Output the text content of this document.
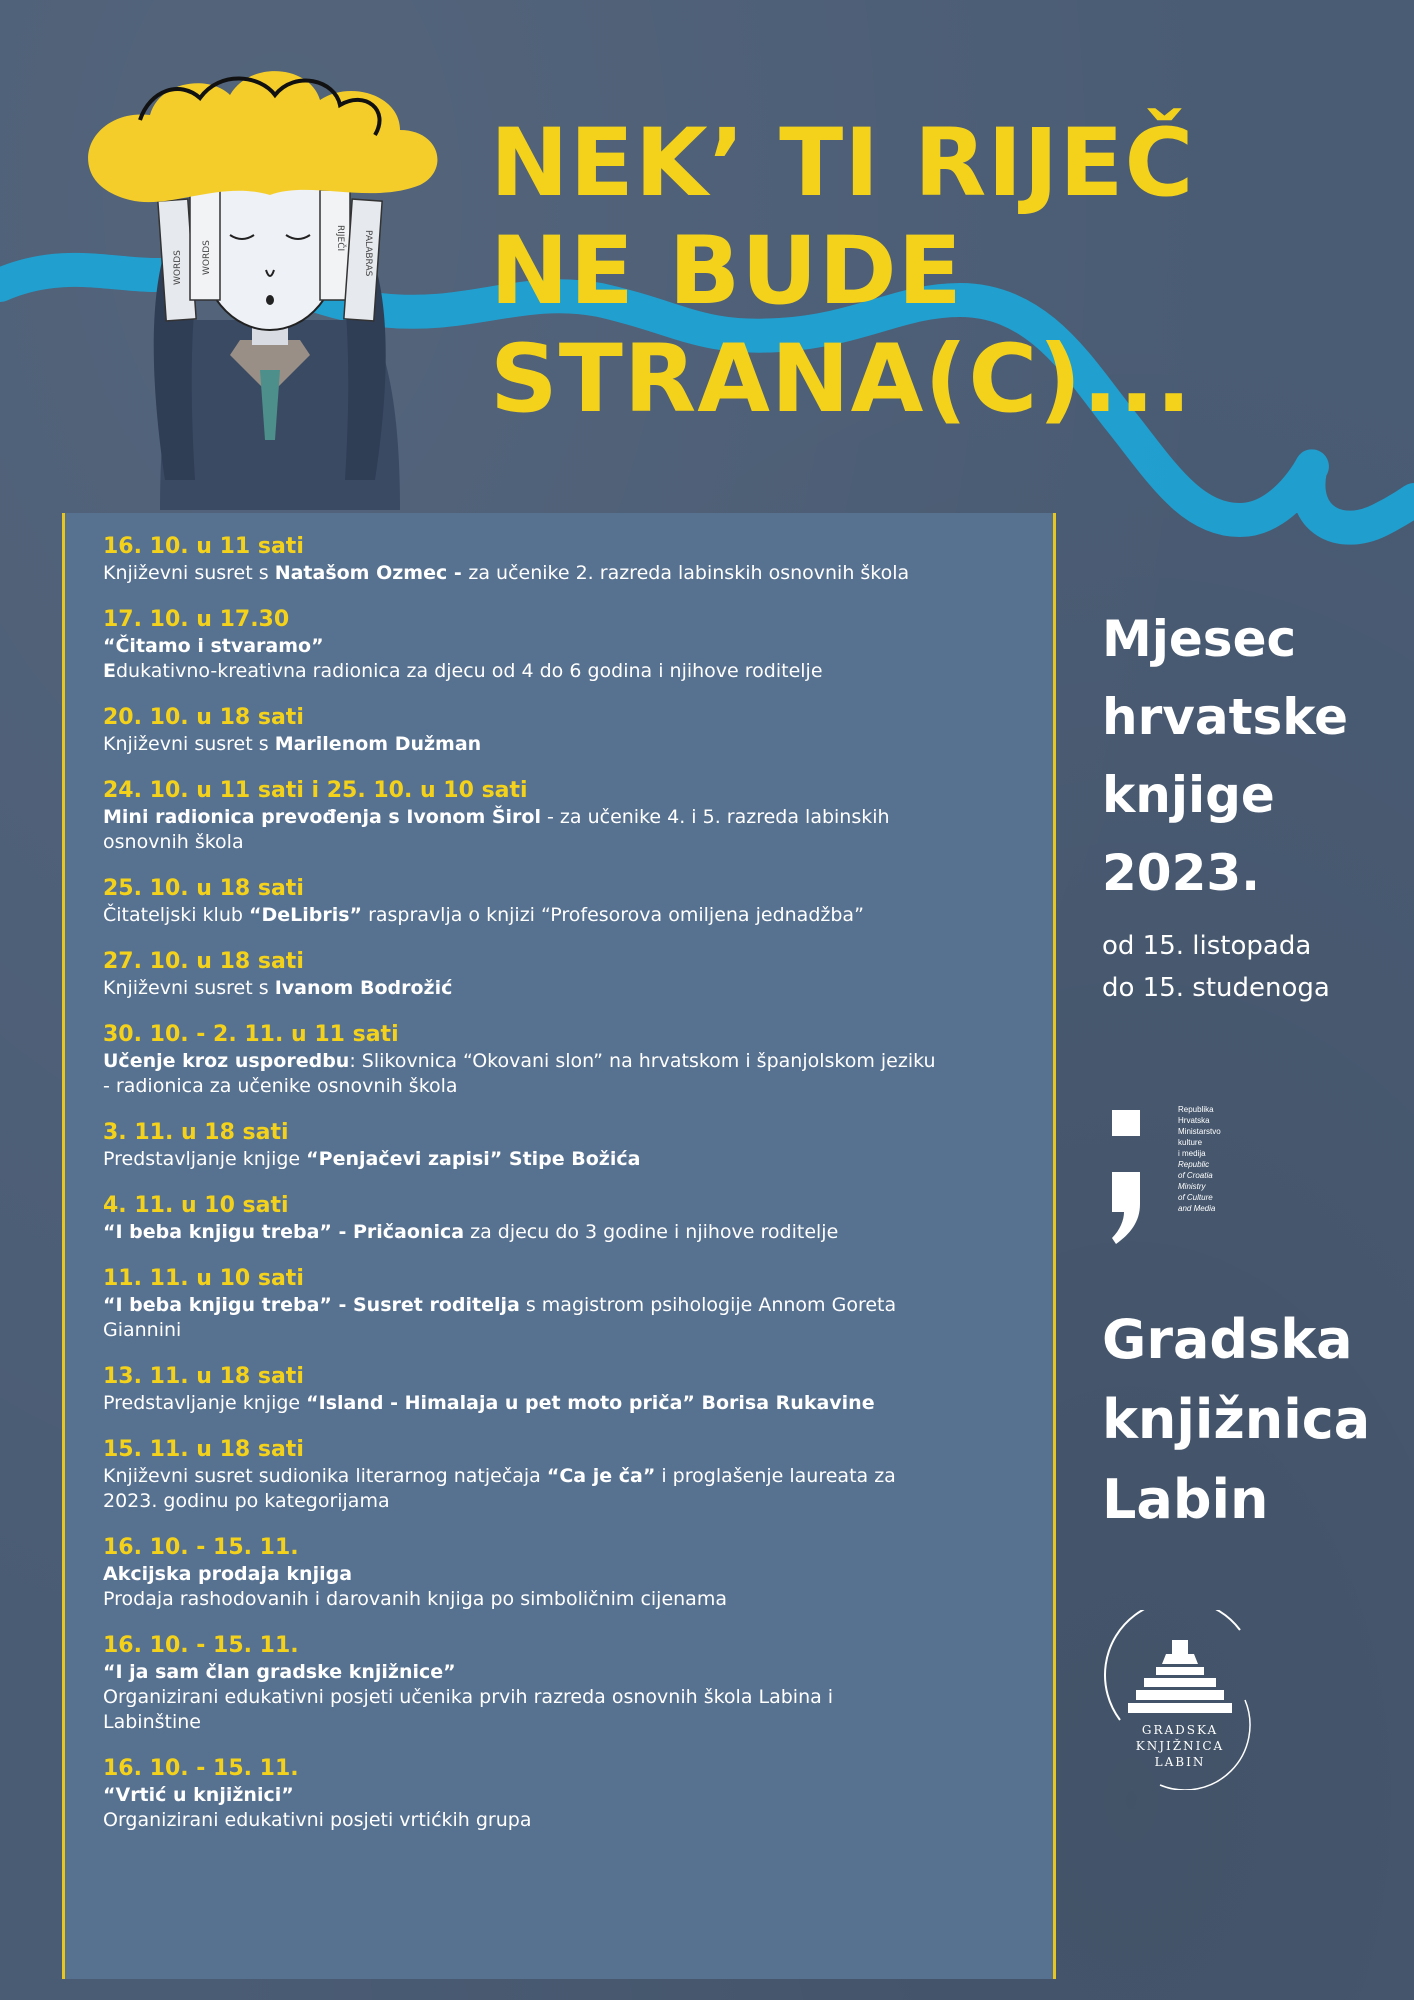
WORDS WORDS
RIJEČI PALABRAS
NEK’ TI RIJEČ
NE BUDE
STRANA(C)...
16. 10. u 11 sati
Književni susret s Natašom Ozmec - za učenike 2. razreda labinskih osnovnih škola
17. 10. u 17.30
“Čitamo i stvaramo”
Edukativno-kreativna radionica za djecu od 4 do 6 godina i njihove roditelje
20. 10. u 18 sati
Književni susret s Marilenom Dužman
24. 10. u 11 sati i 25. 10. u 10 sati
Mini radionica prevođenja s Ivonom Širol - za učenike 4. i 5. razreda labinskih
osnovnih škola
25. 10. u 18 sati
Čitateljski klub “DeLibris” raspravlja o knjizi “Profesorova omiljena jednadžba”
27. 10. u 18 sati
Književni susret s Ivanom Bodrožić
30. 10. - 2. 11. u 11 sati
Učenje kroz usporedbu: Slikovnica “Okovani slon” na hrvatskom i španjolskom jeziku
- radionica za učenike osnovnih škola
3. 11. u 18 sati
Predstavljanje knjige “Penjačevi zapisi” Stipe Božića
4. 11. u 10 sati
“I beba knjigu treba” - Pričaonica za djecu do 3 godine i njihove roditelje
11. 11. u 10 sati
“I beba knjigu treba” - Susret roditelja s magistrom psihologije Annom Goreta
Giannini
13. 11. u 18 sati
Predstavljanje knjige “Island - Himalaja u pet moto priča” Borisa Rukavine
15. 11. u 18 sati
Književni susret sudionika literarnog natječaja “Ca je ča” i proglašenje laureata za
2023. godinu po kategorijama
16. 10. - 15. 11.
Akcijska prodaja knjiga
Prodaja rashodovanih i darovanih knjiga po simboličnim cijenama
16. 10. - 15. 11.
“I ja sam član gradske knjižnice”
Organizirani edukativni posjeti učenika prvih razreda osnovnih škola Labina i
Labinštine
16. 10. - 15. 11.
“Vrtić u knjižnici”
Organizirani edukativni posjeti vrtićkih grupa
Mjesec
hrvatske
knjige
2023.
od 15. listopada
do 15. studenoga
Republika
Hrvatska
Ministarstvo
kulture
i medija
Republic
of Croatia
Ministry
of Culture
and Media
Gradska
knjižnica
Labin
GRADSKA
KNJIŽNICA
LABIN
